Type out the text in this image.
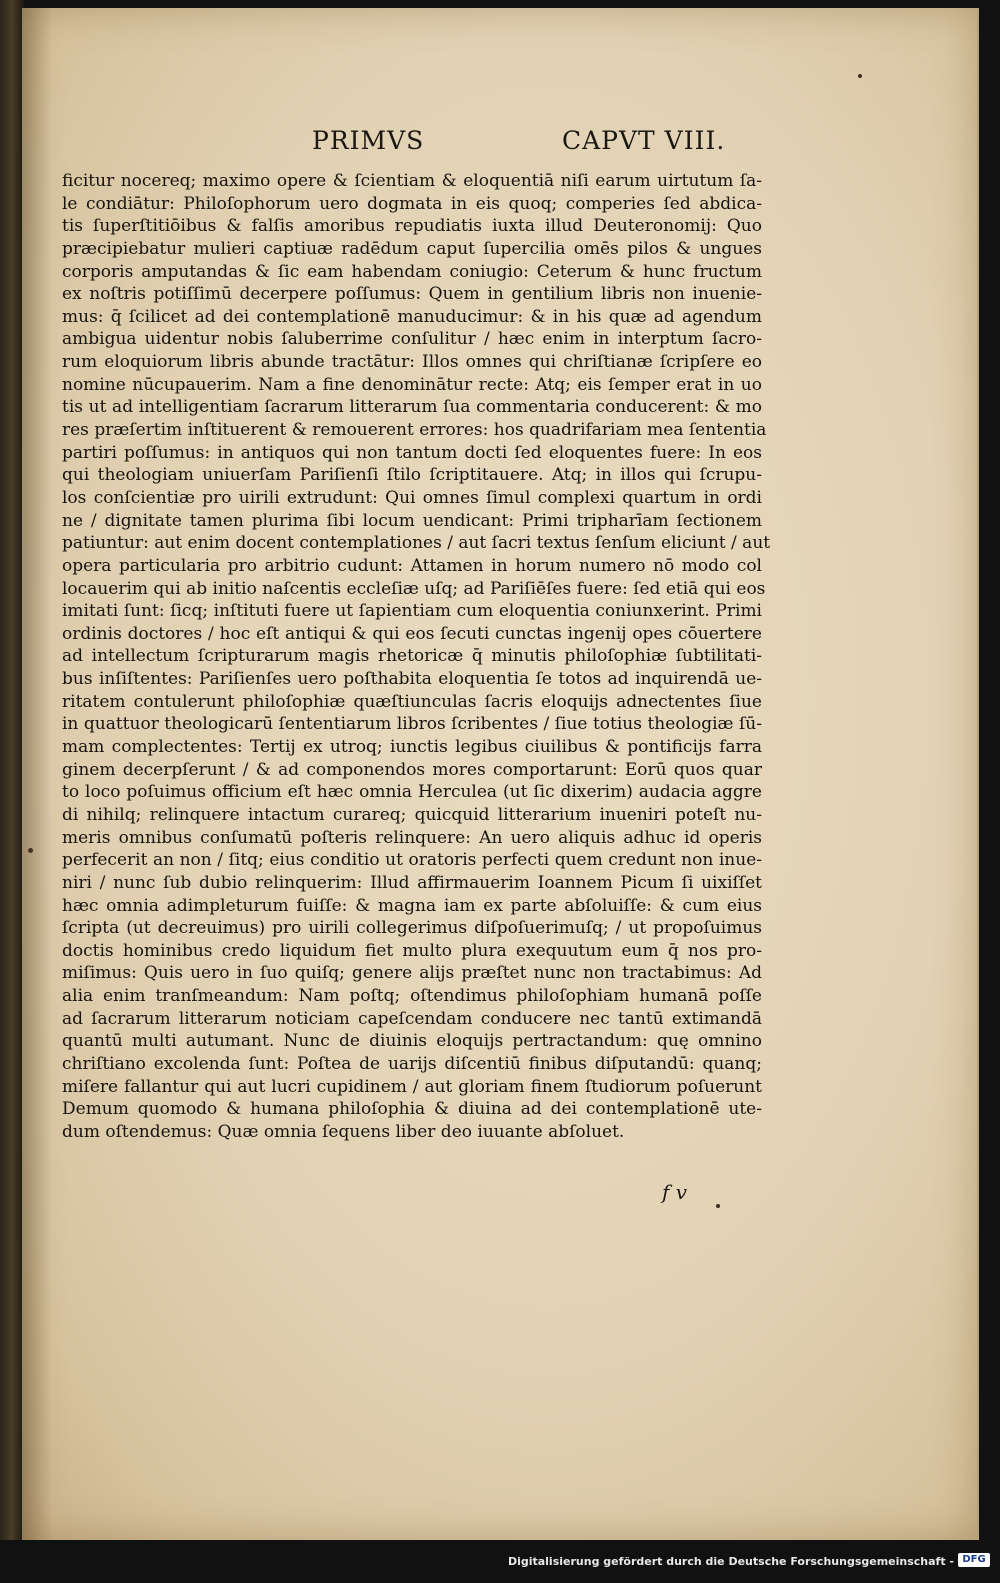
PRIMVS	CAPVT VIII.
ficitur nocereq; maximo opere & ſcientiam & eloquentiā niſi earum uirtutum ſa-
le condiātur: Philoſophorum uero dogmata in eis quoq; comperies ſed abdica-
tis ſuperſtitiōibus & falſis amoribus repudiatis iuxta illud Deuteronomij: Quo
præcipiebatur mulieri captiuæ radēdum caput ſupercilia omēs pilos & ungues
corporis amputandas & ſic eam habendam coniugio: Ceterum & hunc fructum
ex noſtris potiſſimū decerpere poſſumus: Quem in gentilium libris non inuenie-
mus: q̄ ſcilicet ad dei contemplationē manuducimur: & in his quæ ad agendum
ambigua uidentur nobis ſaluberrime conſulitur / hæc enim in interptum ſacro-
rum eloquiorum libris abunde tractātur: Illos omnes qui chriſtianæ ſcripſere eo
nomine nūcupauerim. Nam a fine denominātur recte: Atq; eis ſemper erat in uo
tis ut ad intelligentiam ſacrarum litterarum ſua commentaria conducerent: & mo
res præſertim inſtituerent & remouerent errores: hos quadrifariam mea ſententia
partiri poſſumus: in antiquos qui non tantum docti ſed eloquentes fuere: In eos
qui theologiam uniuerſam Pariſienſi ſtilo ſcriptitauere. Atq; in illos qui ſcrupu-
los conſcientiæ pro uirili extrudunt: Qui omnes ſimul complexi quartum in ordi
ne / dignitate tamen plurima ſibi locum uendicant: Primi tripharīam ſectionem
patiuntur: aut enim docent contemplationes / aut ſacri textus ſenſum eliciunt / aut
opera particularia pro arbitrio cudunt: Attamen in horum numero nō modo col
locauerim qui ab initio naſcentis eccleſiæ uſq; ad Pariſiēſes fuere: ſed etiā qui eos
imitati ſunt: ſicq; inſtituti fuere ut ſapientiam cum eloquentia coniunxerint. Primi
ordinis doctores / hoc eſt antiqui & qui eos ſecuti cunctas ingenij opes cōuertere
ad intellectum ſcripturarum magis rhetoricæ q̄ minutis philoſophiæ ſubtilitati-
bus inſiſtentes: Pariſienſes uero poſthabita eloquentia ſe totos ad inquirendā ue-
ritatem contulerunt philoſophiæ quæſtiunculas ſacris eloquijs adnectentes ſiue
in quattuor theologicarū ſententiarum libros ſcribentes / ſiue totius theologiæ ſū-
mam complectentes: Tertij ex utroq; iunctis legibus ciuilibus & pontificijs farra
ginem decerpſerunt / & ad componendos mores comportarunt: Eorū quos quar
to loco poſuimus officium eſt hæc omnia Herculea (ut ſic dixerim) audacia aggre
di nihilq; relinquere intactum curareq; quicquid litterarium inueniri poteſt nu-
meris omnibus conſumatū poſteris relinquere: An uero aliquis adhuc id operis
perfecerit an non / ſitq; eius conditio ut oratoris perfecti quem credunt non inue-
niri / nunc ſub dubio relinquerim: Illud affirmauerim Ioannem Picum ſi uixiſſet
hæc omnia adimpleturum fuiſſe: & magna iam ex parte abſoluiſſe: & cum eius
ſcripta (ut decreuimus) pro uirili collegerimus diſpoſuerimuſq; / ut propoſuimus
doctis hominibus credo liquidum fiet multo plura exequutum eum q̄ nos pro-
miſimus: Quis uero in ſuo quiſq; genere alijs præſtet nunc non tractabimus: Ad
alia enim tranſmeandum: Nam poſtq; oſtendimus philoſophiam humanā poſſe
ad ſacrarum litterarum noticiam capeſcendam conducere nec tantū extimandā
quantū multi autumant. Nunc de diuinis eloquijs pertractandum: quę omnino
chriſtiano excolenda ſunt: Poſtea de uarijs diſcentiū finibus diſputandū: quanq;
miſere fallantur qui aut lucri cupidinem / aut gloriam finem ſtudiorum poſuerunt
Demum quomodo & humana philoſophia & diuina ad dei contemplationē ute-
dum oſtendemus: Quæ omnia ſequens liber deo iuuante abſoluet.
f v
Digitalisierung gefördert durch die Deutsche Forschungsgemeinschaft - DFG
